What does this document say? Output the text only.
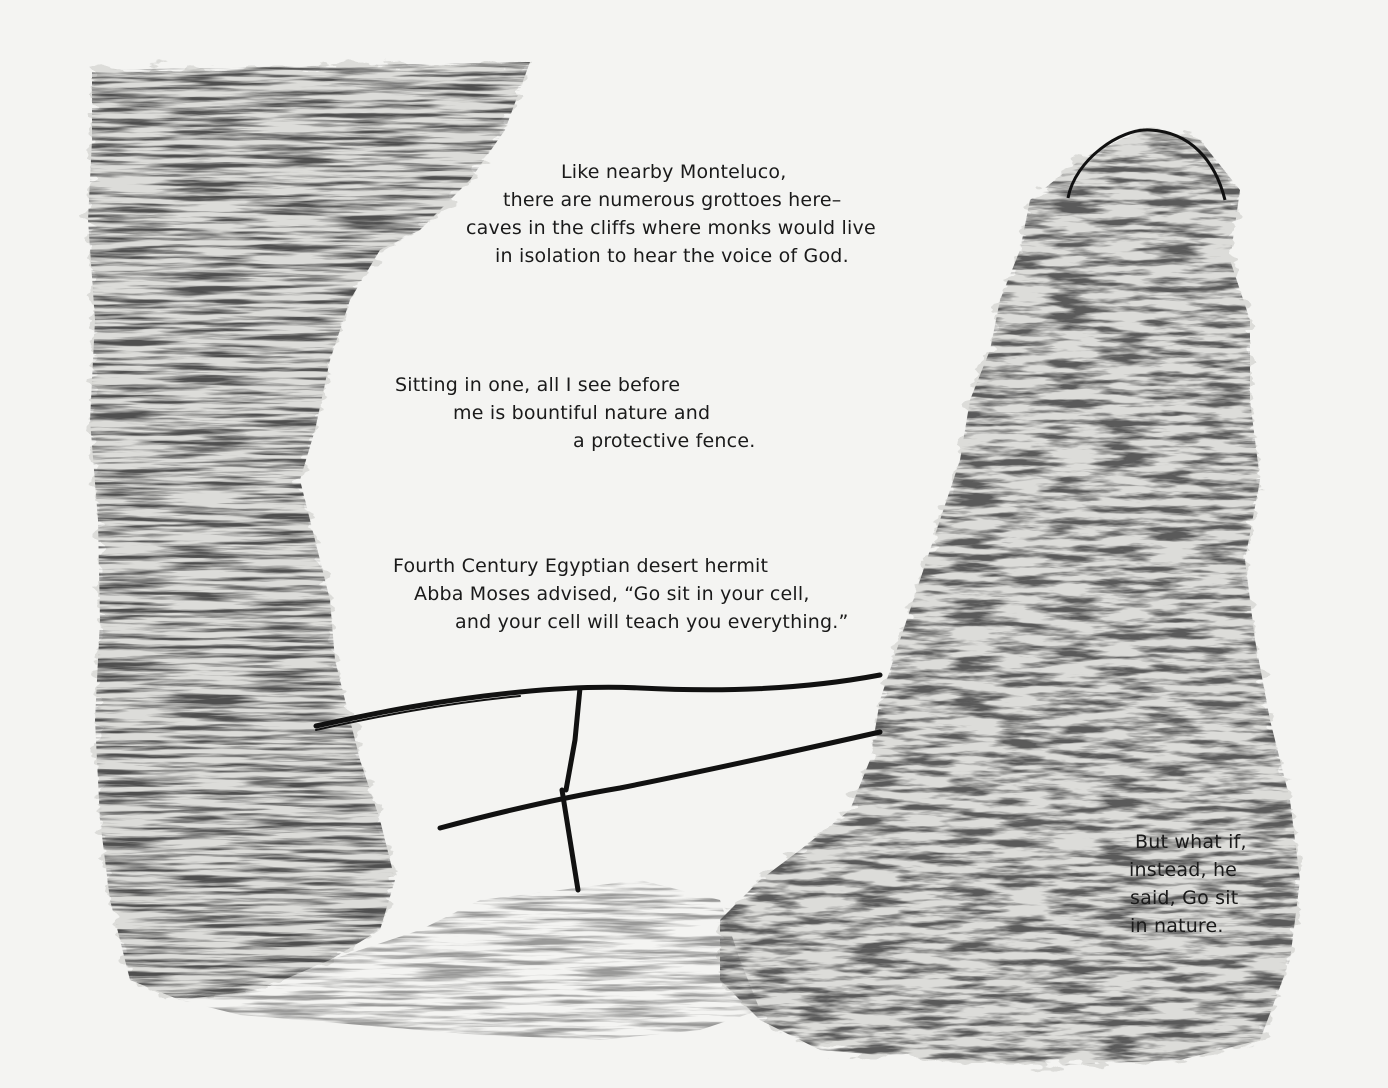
Like nearby Monteluco,
there are numerous grottoes here–
caves in the cliffs where monks would live
in isolation to hear the voice of God.
Sitting in one, all I see before
me is bountiful nature and
a protective fence.
Fourth Century Egyptian desert hermit
Abba Moses advised, “Go sit in your cell,
and your cell will teach you everything.”
But what if,
instead, he
said, Go sit
in nature.
